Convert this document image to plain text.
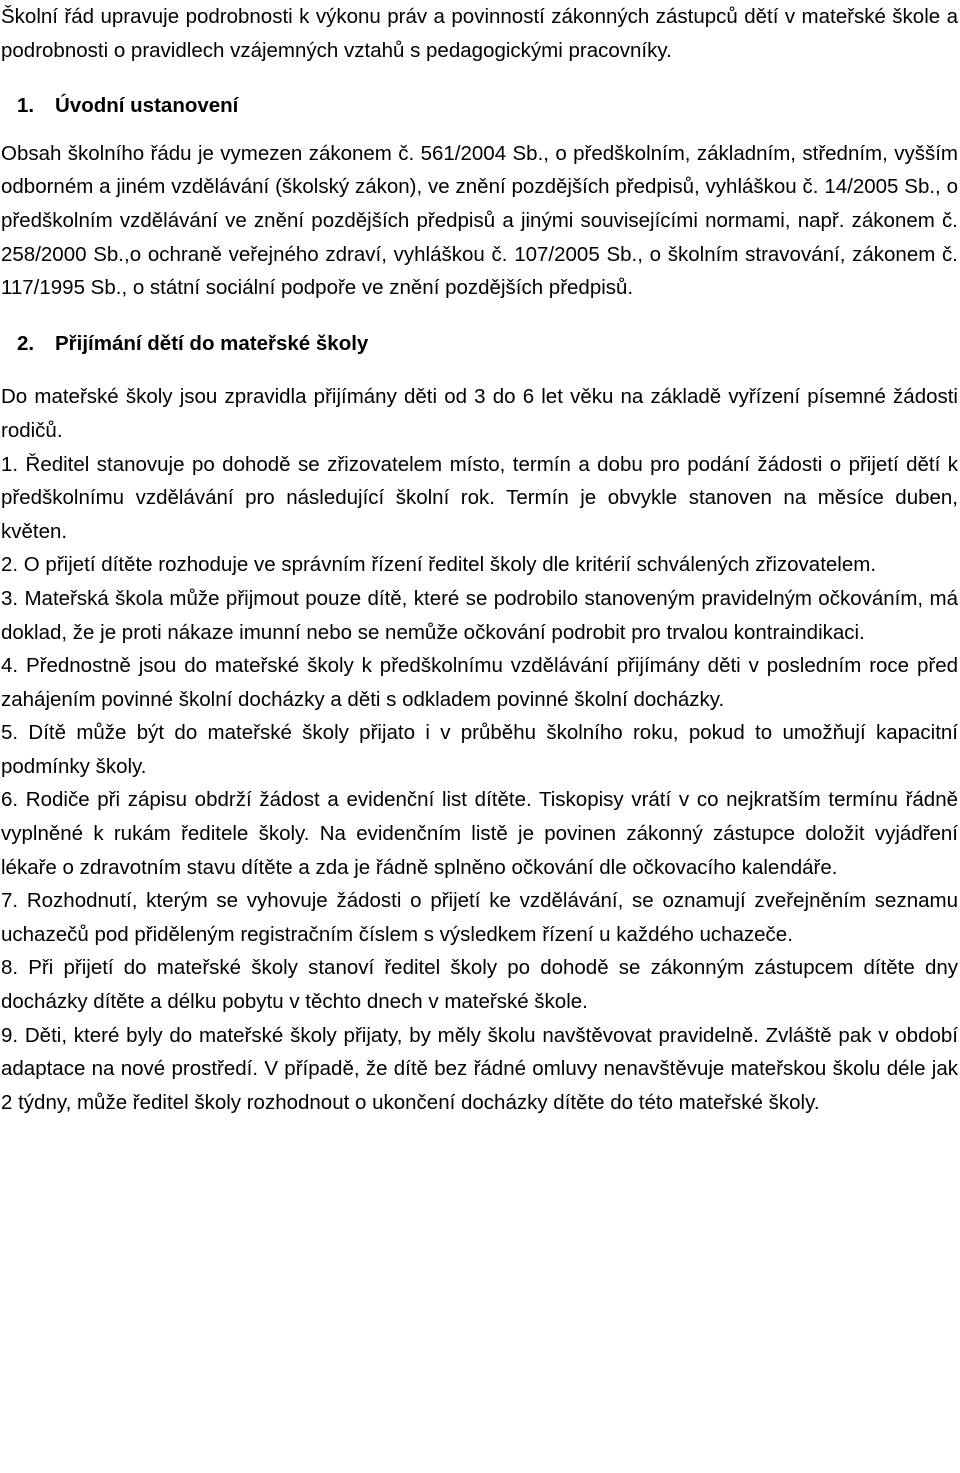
Školní řád upravuje podrobnosti k výkonu práv a povinností zákonných zástupců dětí v mateřské škole a podrobnosti o pravidlech vzájemných vztahů s pedagogickými pracovníky.

1.	Úvodní ustanovení

Obsah školního řádu je vymezen zákonem č. 561/2004 Sb., o předškolním, základním, středním, vyšším odborném a jiném vzdělávání (školský zákon), ve znění pozdějších předpisů, vyhláškou č. 14/2005 Sb., o předškolním vzdělávání ve znění pozdějších předpisů a jinými souvisejícími normami, např. zákonem č. 258/2000 Sb.,o ochraně veřejného zdraví, vyhláškou č. 107/2005 Sb., o školním stravování, zákonem č. 117/1995 Sb., o státní sociální podpoře ve znění pozdějších předpisů.

2.	Přijímání dětí do mateřské školy

Do mateřské školy jsou zpravidla přijímány děti od 3 do 6 let věku na základě vyřízení písemné žádosti rodičů.

1. Ředitel stanovuje po dohodě se zřizovatelem místo, termín a dobu pro podání žádosti o přijetí dětí k předškolnímu vzdělávání pro následující školní rok. Termín je obvykle stanoven na měsíce duben, květen.

2. O přijetí dítěte rozhoduje ve správním řízení ředitel školy dle kritérií schválených zřizovatelem.

3. Mateřská škola může přijmout pouze dítě, které se podrobilo stanoveným pravidelným očkováním, má doklad, že je proti nákaze imunní nebo se nemůže očkování podrobit pro trvalou kontraindikaci.

4. Přednostně jsou do mateřské školy k předškolnímu vzdělávání přijímány děti v posledním roce před zahájením povinné školní docházky a děti s odkladem povinné školní docházky.

5. Dítě může být do mateřské školy přijato i v průběhu školního roku, pokud to umožňují kapacitní podmínky školy.

6. Rodiče při zápisu obdrží žádost a evidenční list dítěte. Tiskopisy vrátí v co nejkratším termínu řádně vyplněné k rukám ředitele školy. Na evidenčním listě je povinen zákonný zástupce doložit vyjádření lékaře o zdravotním stavu dítěte a zda je řádně splněno očkování dle očkovacího kalendáře.

7. Rozhodnutí, kterým se vyhovuje žádosti o přijetí ke vzdělávání, se oznamují zveřejněním seznamu uchazečů pod přiděleným registračním číslem s výsledkem řízení u každého uchazeče.

8. Při přijetí do mateřské školy stanoví ředitel školy po dohodě se zákonným zástupcem dítěte dny docházky dítěte a délku pobytu v těchto dnech v mateřské škole.

9. Děti, které byly do mateřské školy přijaty, by měly školu navštěvovat pravidelně. Zvláště pak v období adaptace na nové prostředí. V případě, že dítě bez řádné omluvy nenavštěvuje mateřskou školu déle jak 2 týdny, může ředitel školy rozhodnout o ukončení docházky dítěte do této mateřské školy.
